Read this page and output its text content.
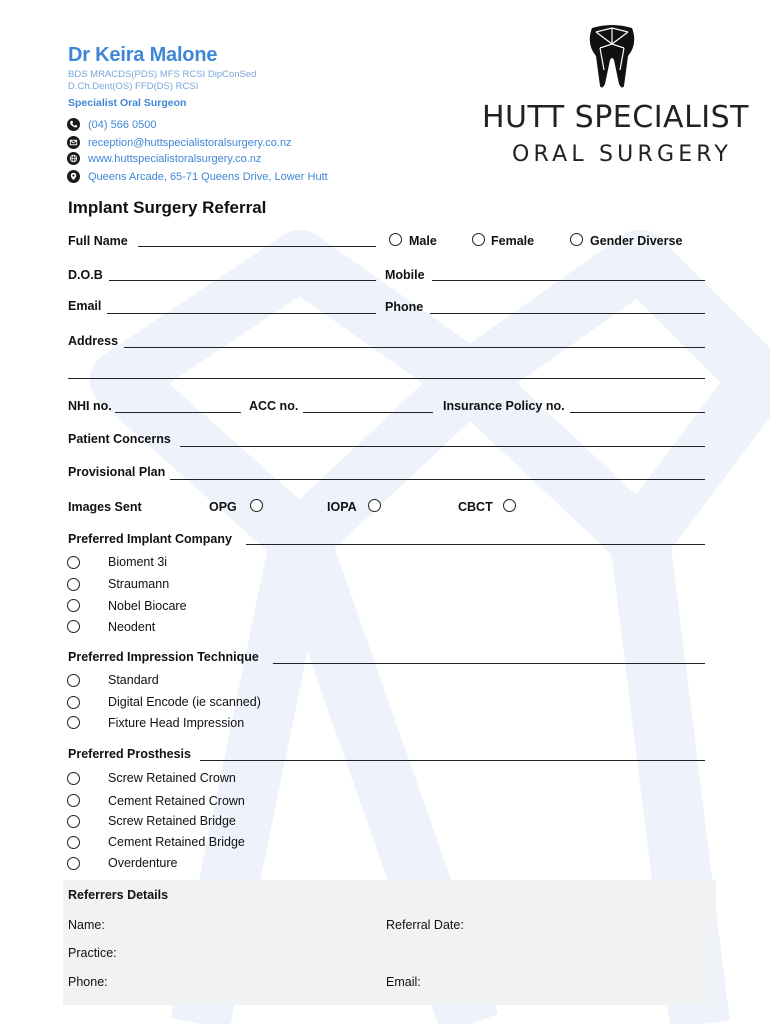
Dr Keira Malone
BDS MRACDS(PDS) MFS RCSI DipConSed
D.Ch.Dent(OS) FFD(DS) RCSI
Specialist Oral Surgeon
(04) 566 0500
reception@huttspecialistoralsurgery.co.nz
www.huttspecialistoralsurgery.co.nz
Queens Arcade, 65-71 Queens Drive, Lower Hutt
HUTT SPECIALIST
ORAL SURGERY
Implant Surgery Referral
Full Name	Male	Female	Gender Diverse
D.O.B	Mobile
Email	Phone
Address
NHI no.	ACC no.	Insurance Policy no.
Patient Concerns
Provisional Plan
Images Sent	OPG	IOPA	CBCT
Preferred Implant Company
Bioment 3i
Straumann
Nobel Biocare
Neodent
Preferred Impression Technique
Standard
Digital Encode (ie scanned)
Fixture Head Impression
Preferred Prosthesis
Screw Retained Crown
Cement Retained Crown
Screw Retained Bridge
Cement Retained Bridge
Overdenture
Referrers Details
Name:	Referral Date:
Practice:
Phone:	Email:
